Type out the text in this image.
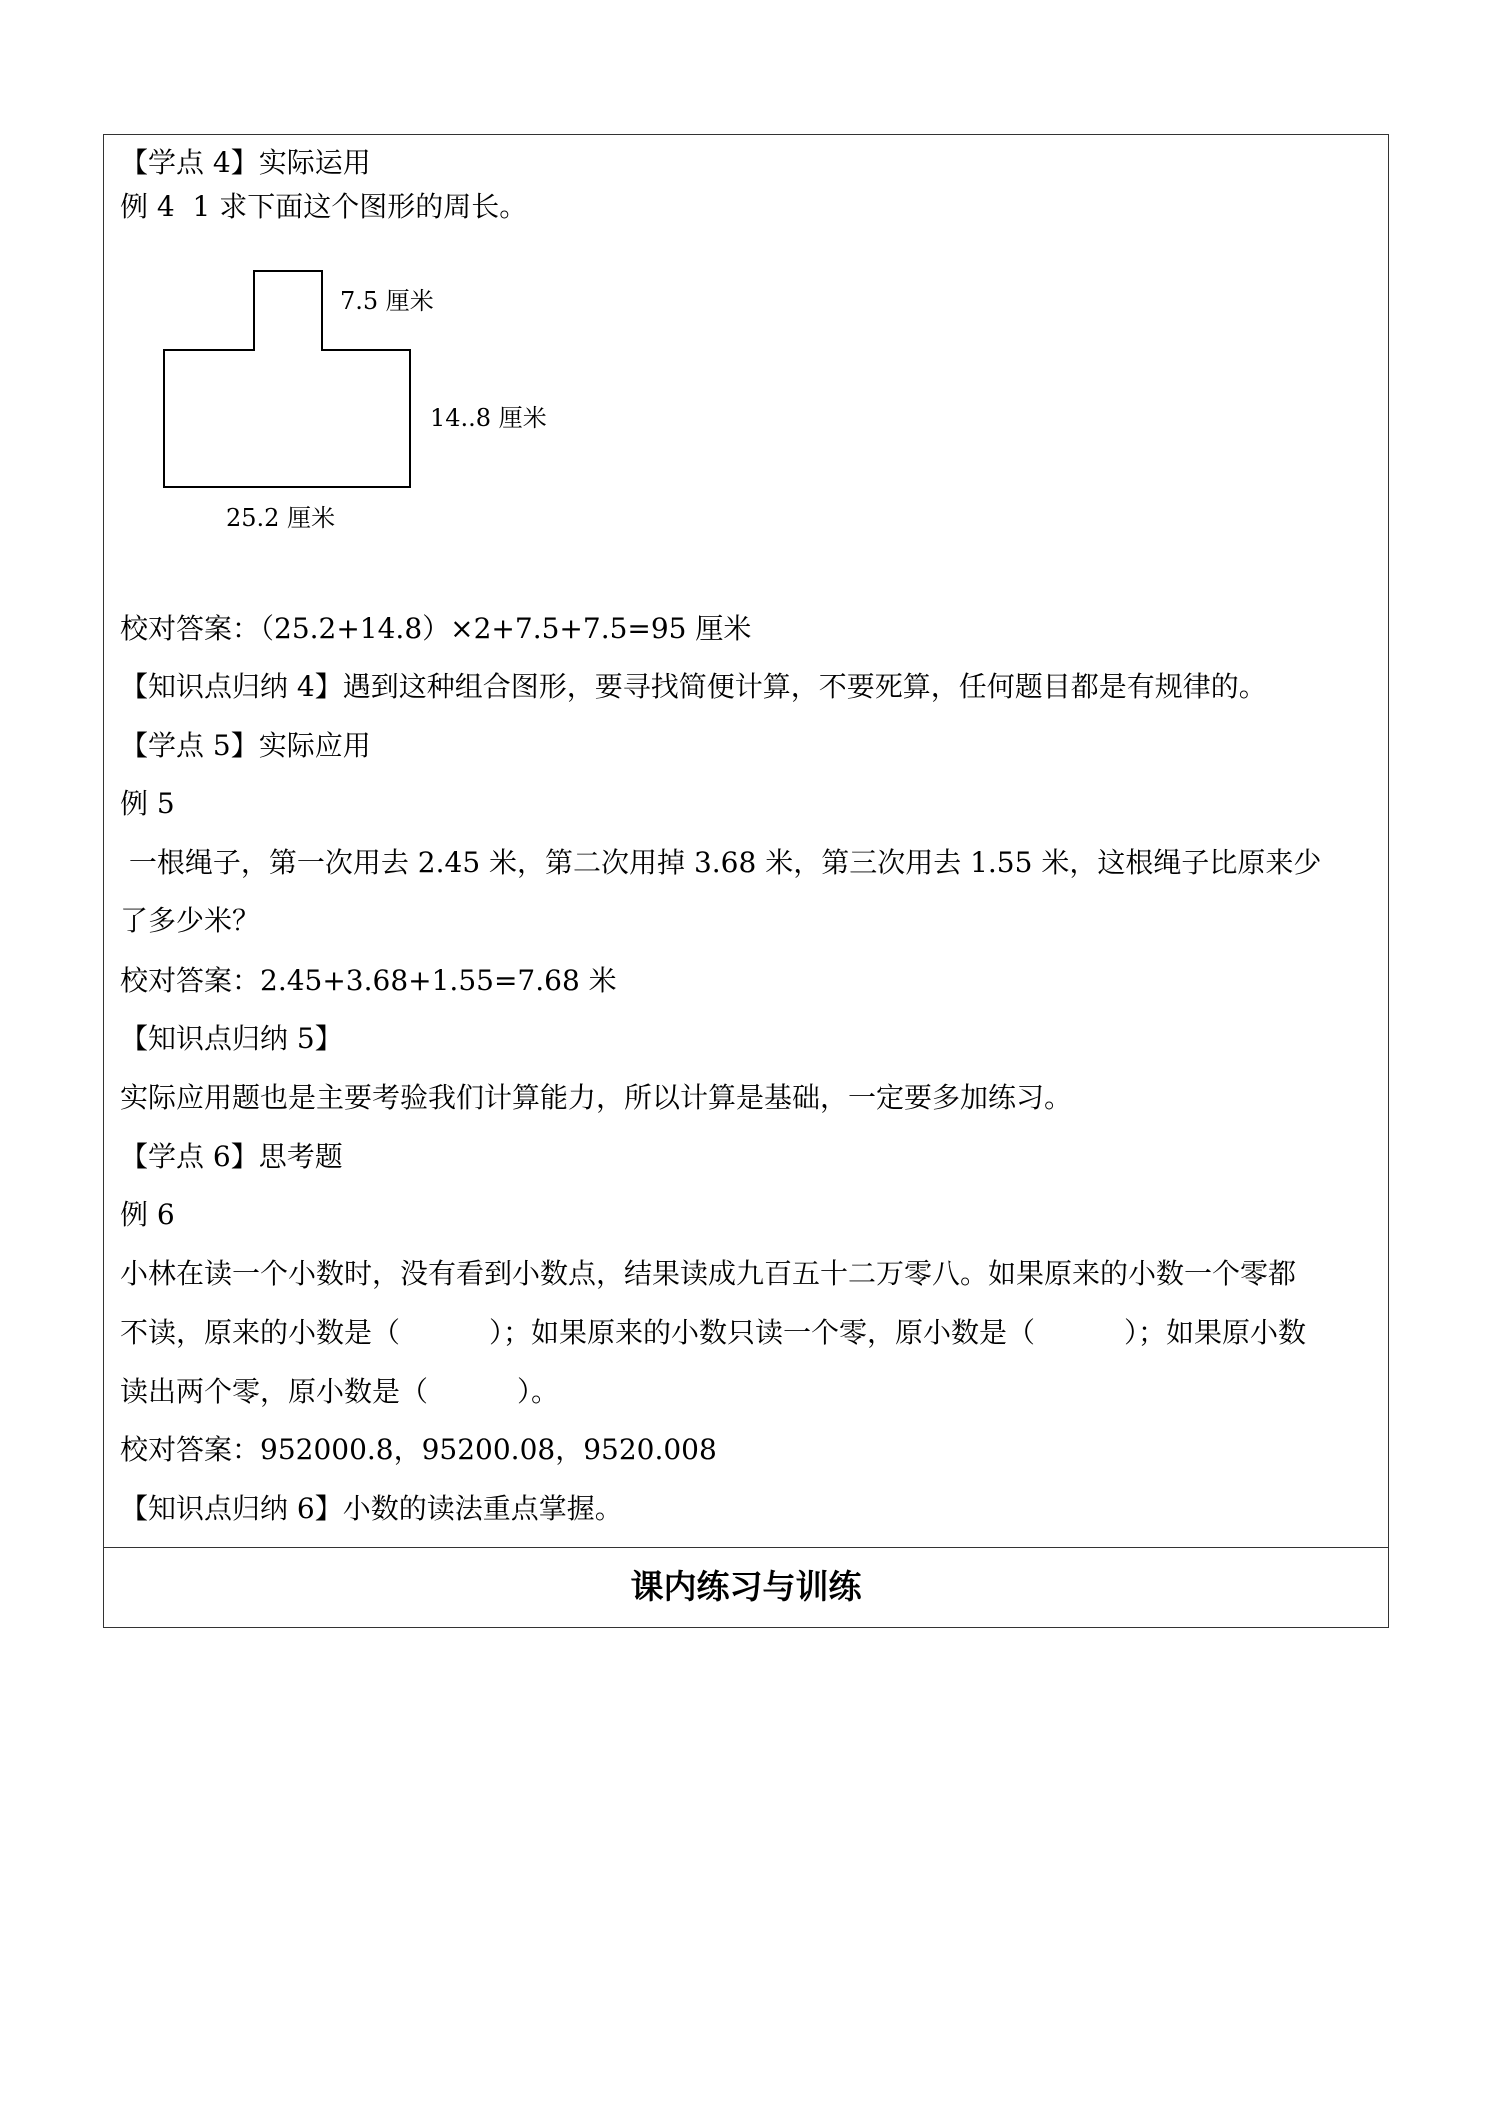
【学点 4】实际运用
例 4  1 求下面这个图形的周长。
7.5 厘米
14..8 厘米
25.2 厘米
校对答案：（25.2+14.8）×2+7.5+7.5=95 厘米
【知识点归纳 4】遇到这种组合图形，要寻找简便计算，不要死算，任何题目都是有规律的。
【学点 5】实际应用
例 5
一根绳子，第一次用去 2.45 米，第二次用掉 3.68 米，第三次用去 1.55 米，这根绳子比原来少
了多少米？
校对答案：2.45+3.68+1.55=7.68 米
【知识点归纳 5】
实际应用题也是主要考验我们计算能力，所以计算是基础，一定要多加练习。
【学点 6】思考题
例 6
小林在读一个小数时，没有看到小数点，结果读成九百五十二万零八。如果原来的小数一个零都
不读，原来的小数是（          ）；如果原来的小数只读一个零，原小数是（          ）；如果原小数
读出两个零，原小数是（          ）。
校对答案：952000.8，95200.08，9520.008
【知识点归纳 6】小数的读法重点掌握。
课内练习与训练
